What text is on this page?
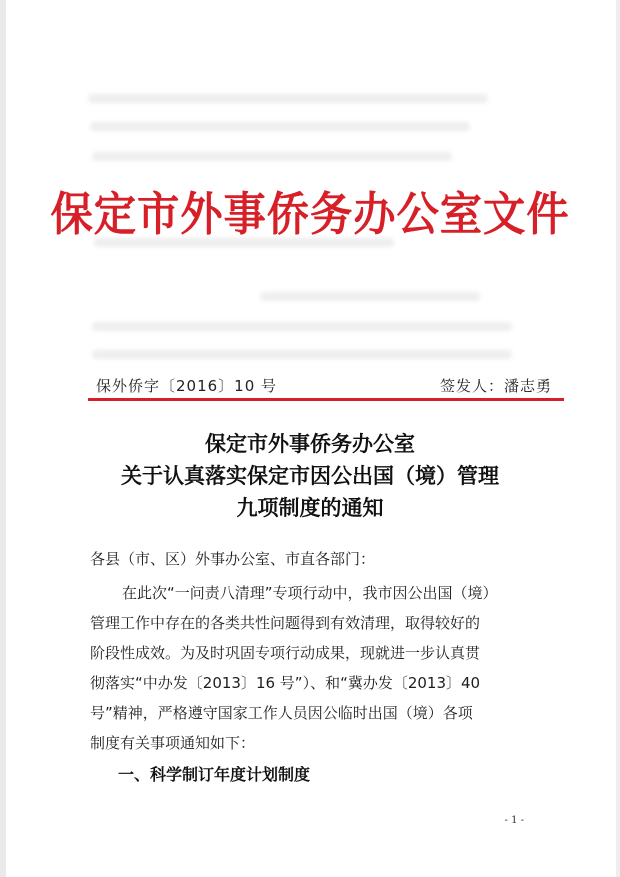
保定市外事侨务办公室文件
保外侨字〔2016〕10 号	签发人：潘志勇
保定市外事侨务办公室
关于认真落实保定市因公出国（境）管理
九项制度的通知
各县（市、区）外事办公室、市直各部门：
在此次“一问责八清理”专项行动中，我市因公出国（境）
管理工作中存在的各类共性问题得到有效清理，取得较好的
阶段性成效。为及时巩固专项行动成果，现就进一步认真贯
彻落实“中办发〔2013〕16 号”）、和“冀办发〔2013〕40
号”精神，严格遵守国家工作人员因公临时出国（境）各项
制度有关事项通知如下：
一、科学制订年度计划制度
- 1 -
